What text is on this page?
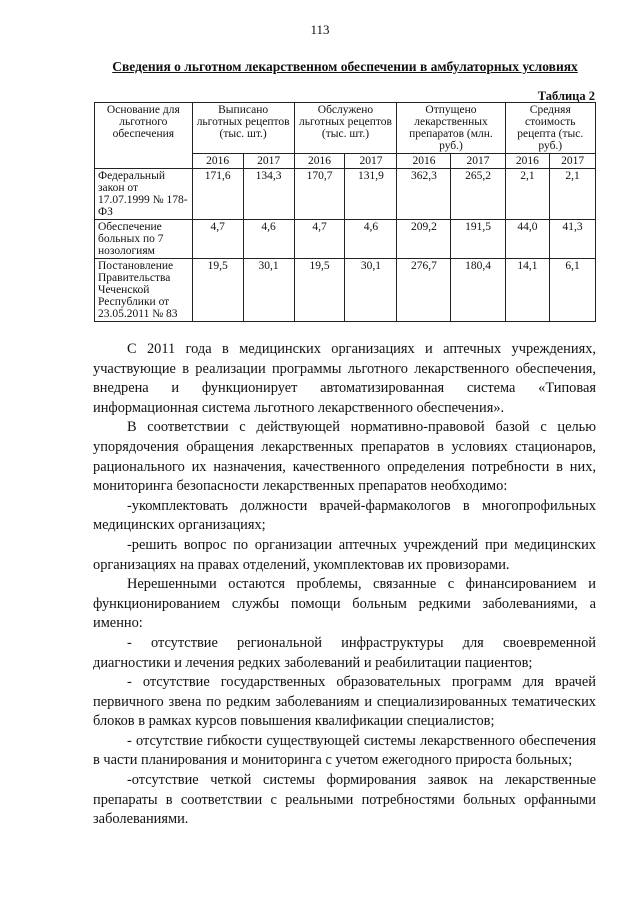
113
Сведения о льготном лекарственном обеспечении в амбулаторных условиях
Таблица 2
Основание для льготного обеспечения	Выписано льготных рецептов (тыс. шт.)		Обслужено льготных рецептов (тыс. шт.)		Отпущено лекарственных препаратов (млн. руб.)		Средняя стоимость рецепта (тыс. руб.)	
	2016	2017	2016	2017	2016	2017	2016	2017
Федеральный закон от 17.07.1999 № 178-ФЗ	171,6	134,3	170,7	131,9	362,3	265,2	2,1	2,1
Обеспечение больных по 7 нозологиям	4,7	4,6	4,7	4,6	209,2	191,5	44,0	41,3
Постановление Правительства Чеченской Республики от 23.05.2011 № 83	19,5	30,1	19,5	30,1	276,7	180,4	14,1	6,1

С 2011 года в медицинских организациях и аптечных учреждениях, участвующие в реализации программы льготного лекарственного обеспечения, внедрена и функционирует автоматизированная система «Типовая информационная система льготного лекарственного обеспечения».

В соответствии с действующей нормативно-правовой базой с целью упорядочения обращения лекарственных препаратов в условиях стационаров, рационального их назначения, качественного определения потребности в них, мониторинга безопасности лекарственных препаратов необходимо:

-укомплектовать должности врачей-фармакологов в многопрофильных медицинских организациях;

-решить вопрос по организации аптечных учреждений при медицинских организациях на правах отделений, укомплектовав их провизорами.

Нерешенными остаются проблемы, связанные с финансированием и функционированием службы помощи больным редкими заболеваниями, а именно:

- отсутствие региональной инфраструктуры для своевременной диагностики и лечения редких заболеваний и реабилитации пациентов;

- отсутствие государственных образовательных программ для врачей первичного звена по редким заболеваниям и специализированных тематических блоков в рамках курсов повышения квалификации специалистов;

- отсутствие гибкости существующей системы лекарственного обеспечения в части планирования и мониторинга с учетом ежегодного прироста больных;

-отсутствие четкой системы формирования заявок на лекарственные препараты в соответствии с реальными потребностями больных орфанными заболеваниями.
